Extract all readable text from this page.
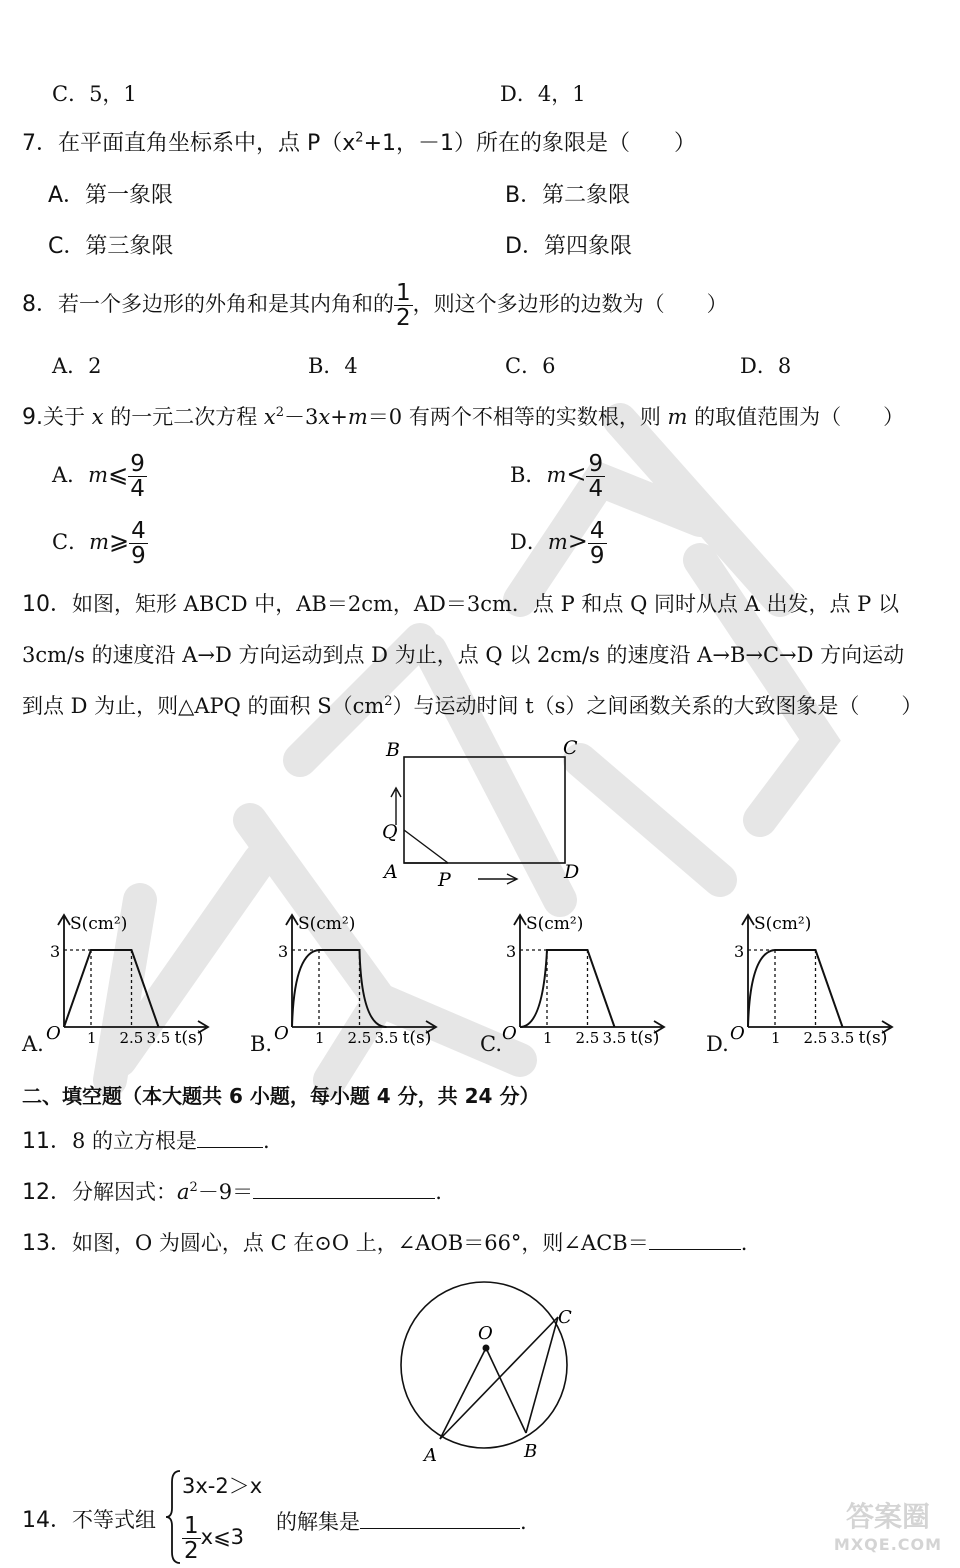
C．5，1	D．4，1
7．在平面直角坐标系中，点 $P(x^2+1$，－1）所在的象限是（　　）
A．第一象限	B．第二象限
C．第三象限	D．第四象限
8．若一个多边形的外角和是其内角和的 $\frac{1}{2}$ ，则这个多边形的边数为（　　）
A．2	B．4	C．6	D．8
9.关于 x 的一元二次方程 $x^2-3x+m=0$ 有两个不相等的实数根，则 m 的取值范围为（　　）
A．m⩽ $\frac{9}{4}$	B．$m< \frac{9}{4}$
C．m⩾ $\frac{4}{9}$	D．$m> \frac{4}{9}$
10．如图，矩形 ABCD 中，AB＝2cm，AD＝3cm．点 P 和点 Q 同时从点 A 出发，点 P 以
3cm/s 的速度沿 A→D 方向运动到点 D 为止，点 Q 以 2cm/s 的速度沿 A→B→C→D 方向运动
到点 D 为止，则△APQ 的面积 $S(cm^2)$与运动时间 t（s）之间函数关系的大致图象是（　　）
B	C
Q
A P	D
S(cm²)
3
O 1 2.5 3.5 t(s)
A.
S(cm²)
3
O 1 2.5 3.5 t(s)
B.
S(cm²)
3
O 1 2.5 3.5 t(s)
C.
S(cm²)
3
O 1 2.5 3.5 t(s)
D.
二、填空题（本大题共 6 小题，每小题 4 分，共 24 分）
11．8 的立方根是	.
12．分解因式：$a^2-9=$	.
13．如图，O 为圆心，点 C 在⊙O 上，∠AOB＝66°，则∠ACB＝	.
O
C
A	B
14．不等式组
3x-2＞x
$\frac{1}{2}$ x⩽3
的解集是	.	答案圈
MXQE.COM
